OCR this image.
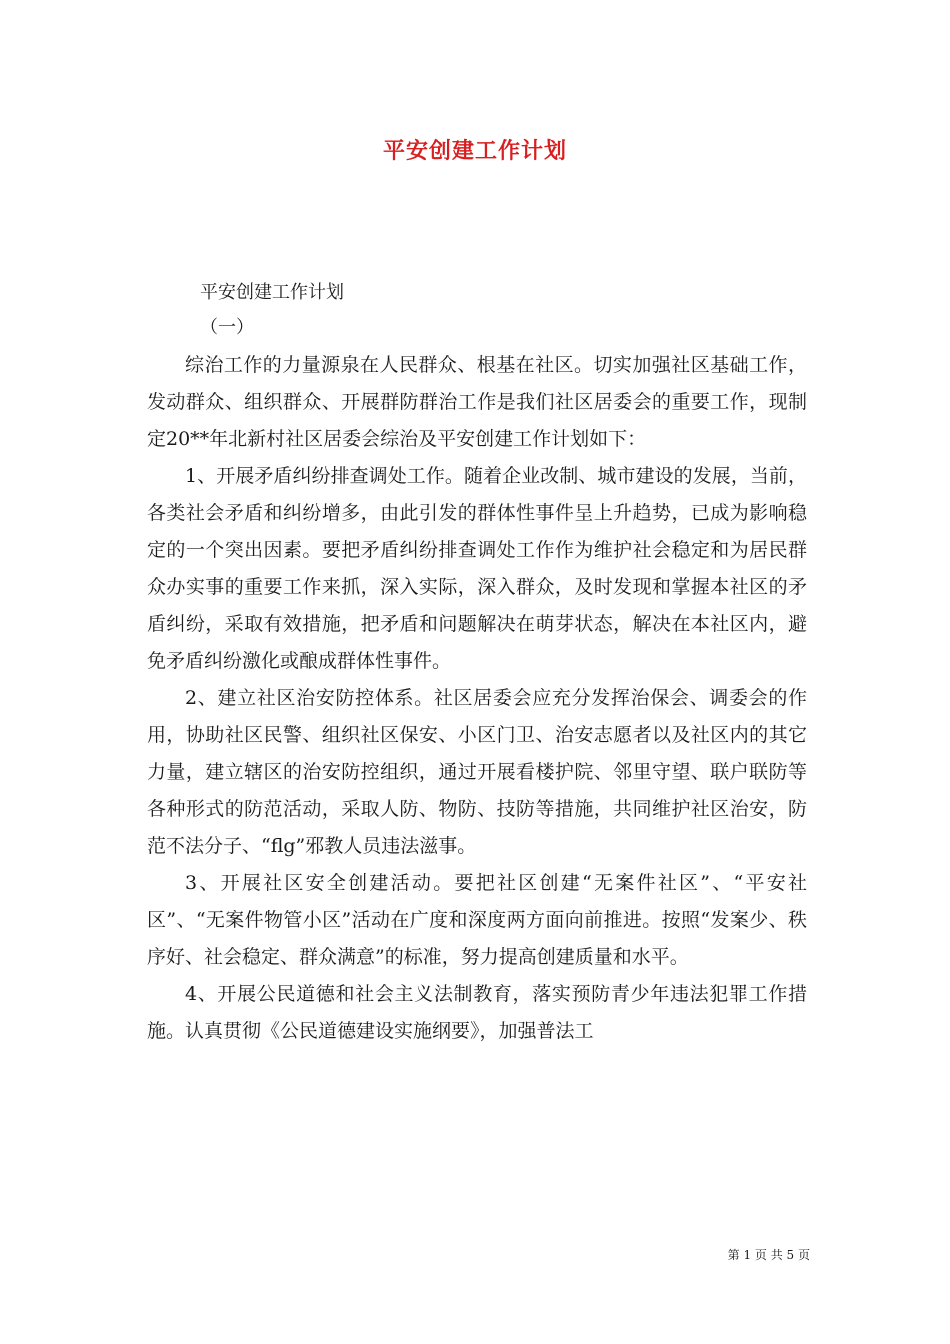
平安创建工作计划
平安创建工作计划
（一）

综治工作的力量源泉在人民群众、根基在社区。切实加强社区基础工作，发动群众、组织群众、开展群防群治工作是我们社区居委会的重要工作，现制定20**年北新村社区居委会综治及平安创建工作计划如下：

1、开展矛盾纠纷排查调处工作。随着企业改制、城市建设的发展，当前，各类社会矛盾和纠纷增多，由此引发的群体性事件呈上升趋势，已成为影响稳定的一个突出因素。要把矛盾纠纷排查调处工作作为维护社会稳定和为居民群众办实事的重要工作来抓，深入实际，深入群众，及时发现和掌握本社区的矛盾纠纷，采取有效措施，把矛盾和问题解决在萌芽状态，解决在本社区内，避免矛盾纠纷激化或酿成群体性事件。

2、建立社区治安防控体系。社区居委会应充分发挥治保会、调委会的作用，协助社区民警、组织社区保安、小区门卫、治安志愿者以及社区内的其它力量，建立辖区的治安防控组织，通过开展看楼护院、邻里守望、联户联防等各种形式的防范活动，采取人防、物防、技防等措施，共同维护社区治安，防范不法分子、“flg”邪教人员违法滋事。

3、开展社区安全创建活动。要把社区创建“无案件社区”、“平安社区”、“无案件物管小区”活动在广度和深度两方面向前推进。按照“发案少、秩序好、社会稳定、群众满意”的标准，努力提高创建质量和水平。

4、开展公民道德和社会主义法制教育，落实预防青少年违法犯罪工作措施。认真贯彻《公民道德建设实施纲要》，加强普法工

第 1 页 共 5 页
